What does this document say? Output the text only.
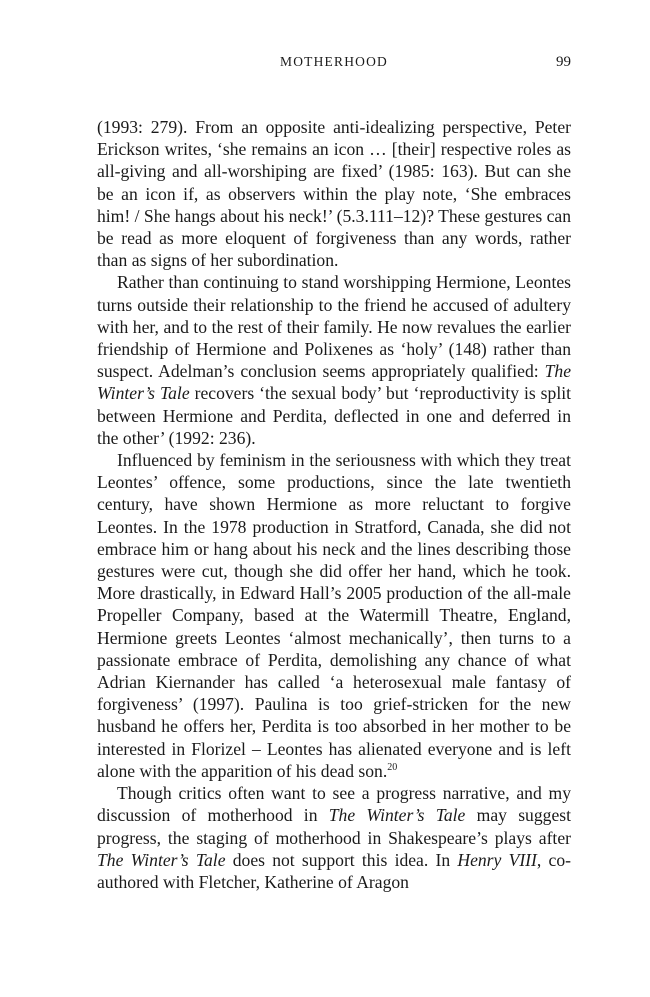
MOTHERHOOD	99

(1993: 279). From an opposite anti-idealizing perspective, Peter Erickson writes, ‘she remains an icon … [their] respective roles as all-giving and all-worshiping are fixed’ (1985: 163). But can she be an icon if, as observers within the play note, ‘She embraces him! / She hangs about his neck!’ (5.3.111–12)? These gestures can be read as more eloquent of forgiveness than any words, rather than as signs of her subordination.

Rather than continuing to stand worshipping Hermione, Leontes turns outside their relationship to the friend he accused of adultery with her, and to the rest of their family. He now revalues the earlier friendship of Hermione and Polixenes as ‘holy’ (148) rather than suspect. Adelman’s conclusion seems appropriately qualified: The Winter’s Tale recovers ‘the sexual body’ but ‘reproductivity is split between Hermione and Perdita, deflected in one and deferred in the other’ (1992: 236).

Influenced by feminism in the seriousness with which they treat Leontes’ offence, some productions, since the late twentieth century, have shown Hermione as more reluctant to forgive Leontes. In the 1978 production in Stratford, Canada, she did not embrace him or hang about his neck and the lines describing those gestures were cut, though she did offer her hand, which he took. More drastically, in Edward Hall’s 2005 production of the all-male Propeller Company, based at the Watermill Theatre, England, Hermione greets Leontes ‘almost mechanically’, then turns to a passionate embrace of Perdita, demolishing any chance of what Adrian Kiernander has called ‘a heterosexual male fantasy of forgiveness’ (1997). Paulina is too grief-stricken for the new husband he offers her, Perdita is too absorbed in her mother to be interested in Florizel – Leontes has alienated everyone and is left alone with the apparition of his dead son.$^{20}$

Though critics often want to see a progress narrative, and my discussion of motherhood in The Winter’s Tale may suggest progress, the staging of motherhood in Shakespeare’s plays after The Winter’s Tale does not support this idea. In Henry VIII, co-authored with Fletcher, Katherine of Aragon
